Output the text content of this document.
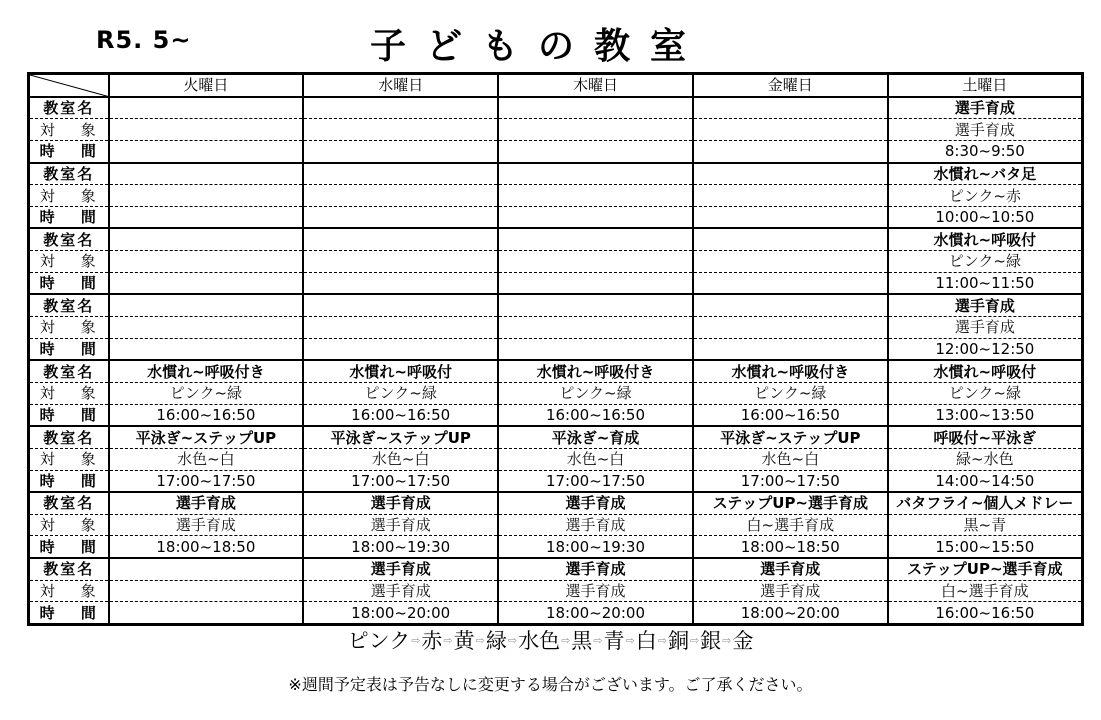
R5. 5~	子どもの教室
	火曜日	水曜日	木曜日	金曜日	土曜日
教室名					選手育成
対　 象					選手育成
時　 間					8:30~9:50
教室名					水慣れ~バタ足
対　 象					ピンク~赤
時　 間					10:00~10:50
教室名					水慣れ~呼吸付
対　 象					ピンク~緑
時　 間					11:00~11:50
教室名					選手育成
対　 象					選手育成
時　 間					12:00~12:50
教室名	水慣れ~呼吸付き	水慣れ~呼吸付	水慣れ~呼吸付き	水慣れ~呼吸付き	水慣れ~呼吸付
対　 象	ピンク~緑	ピンク~緑	ピンク~緑	ピンク~緑	ピンク~緑
時　 間	16:00~16:50	16:00~16:50	16:00~16:50	16:00~16:50	13:00~13:50
教室名	平泳ぎ~ステップUP	平泳ぎ~ステップUP	平泳ぎ~育成	平泳ぎ~ステップUP	呼吸付~平泳ぎ
対　 象	水色~白	水色~白	水色~白	水色~白	緑~水色
時　 間	17:00~17:50	17:00~17:50	17:00~17:50	17:00~17:50	14:00~14:50
教室名	選手育成	選手育成	選手育成	ステップUP~選手育成	バタフライ~個人メドレー
対　 象	選手育成	選手育成	選手育成	白~選手育成	黒~青
時　 間	18:00~18:50	18:00~19:30	18:00~19:30	18:00~18:50	15:00~15:50
教室名		選手育成	選手育成	選手育成	ステップUP~選手育成
対　 象		選手育成	選手育成	選手育成	白~選手育成
時　 間		18:00~20:00	18:00~20:00	18:00~20:00	16:00~16:50
ピンク⇨赤⇨黄⇨緑⇨水色⇨黒⇨青⇨白⇨銅⇨銀⇨金
※週間予定表は予告なしに変更する場合がございます。ご了承ください。
